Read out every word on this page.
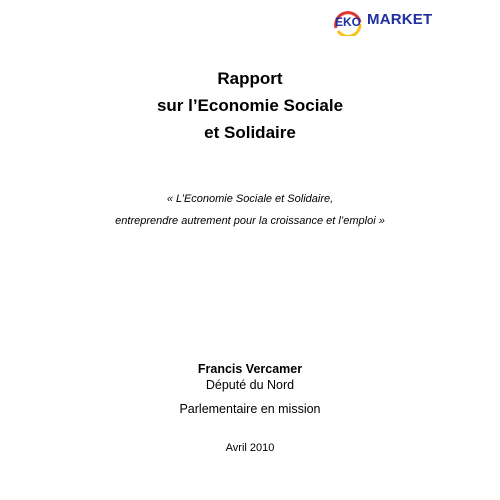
EKO MARKET
Rapport
sur l’Economie Sociale
et Solidaire
« L’Economie Sociale et Solidaire,
entreprendre autrement pour la croissance et l’emploi »
Francis Vercamer
Député du Nord
Parlementaire en mission
Avril 2010
